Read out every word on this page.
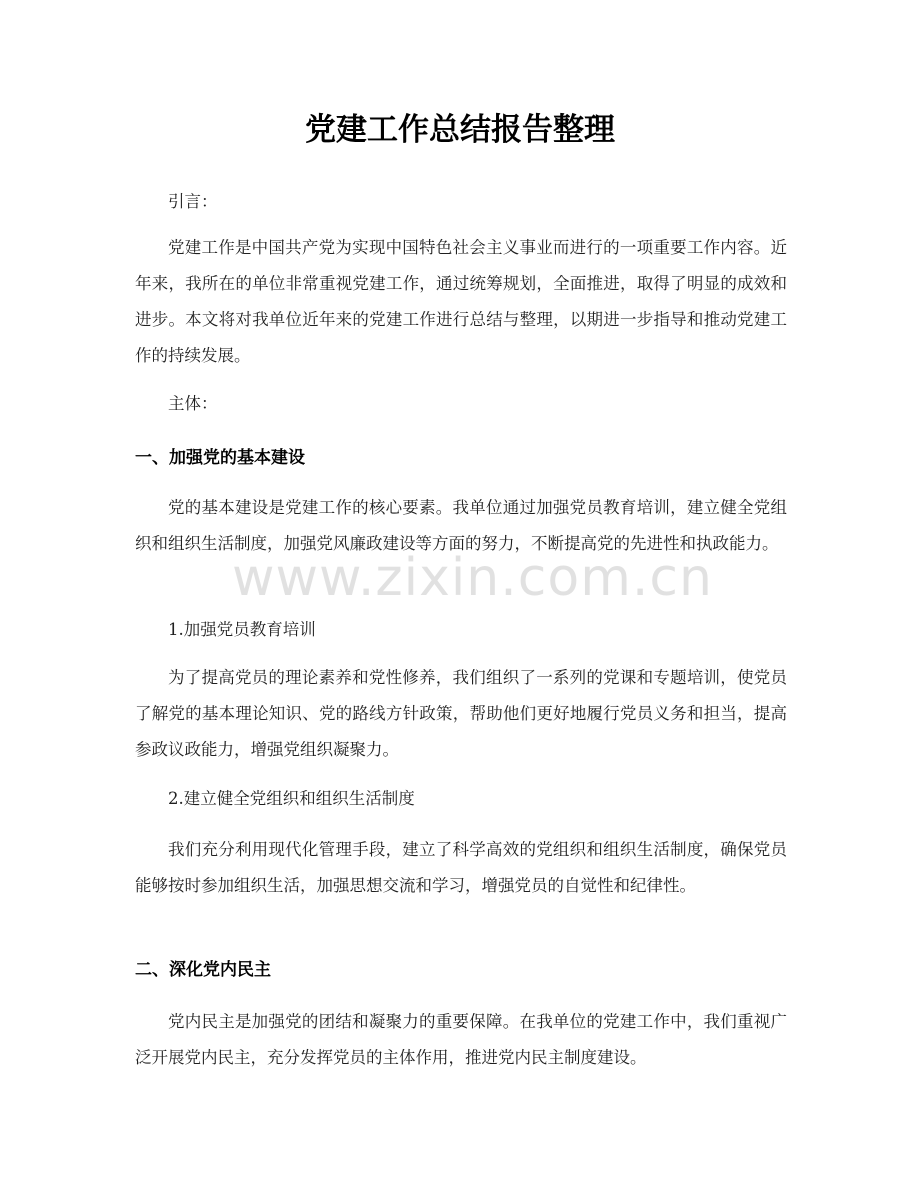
党建工作总结报告整理
引言：
党建工作是中国共产党为实现中国特色社会主义事业而进行的一项重要工作内容。近年来，我所在的单位非常重视党建工作，通过统筹规划，全面推进，取得了明显的成效和进步。本文将对我单位近年来的党建工作进行总结与整理，以期进一步指导和推动党建工作的持续发展。
主体：
一、加强党的基本建设
党的基本建设是党建工作的核心要素。我单位通过加强党员教育培训，建立健全党组织和组织生活制度，加强党风廉政建设等方面的努力，不断提高党的先进性和执政能力。
1.加强党员教育培训
为了提高党员的理论素养和党性修养，我们组织了一系列的党课和专题培训，使党员了解党的基本理论知识、党的路线方针政策，帮助他们更好地履行党员义务和担当，提高参政议政能力，增强党组织凝聚力。
2.建立健全党组织和组织生活制度
我们充分利用现代化管理手段，建立了科学高效的党组织和组织生活制度，确保党员能够按时参加组织生活，加强思想交流和学习，增强党员的自觉性和纪律性。
二、深化党内民主
党内民主是加强党的团结和凝聚力的重要保障。在我单位的党建工作中，我们重视广泛开展党内民主，充分发挥党员的主体作用，推进党内民主制度建设。
www.zixin.com.cn
